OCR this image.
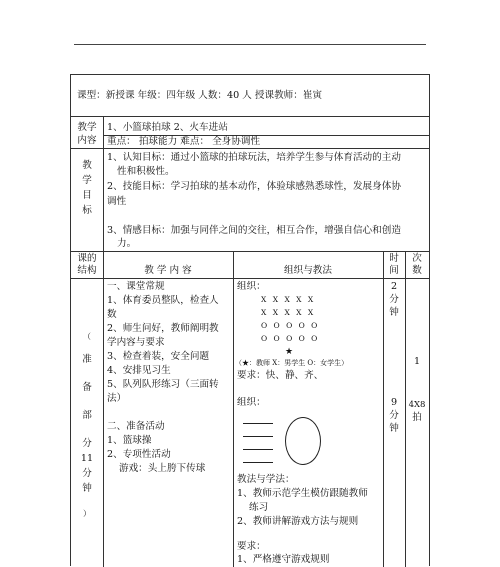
课型：新授课 年级：四年级 人数：40 人 授课教师：崔寅
教学
内容
1、小篮球拍球 2、火车进站
重点： 拍球能力 难点： 全身协调性
教
学
目
标
1、认知目标：通过小篮球的拍球玩法，培养学生参与体育活动的主动
性和积极性。
2、技能目标：学习拍球的基本动作，体验球感熟悉球性，发展身体协
调性
3、情感目标：加强与同伴之间的交往，相互合作，增强自信心和创造
力。
课的
结构	教 学 内 容	组织与教法
时
间
次
数
（
准
备
部
分
11
分
钟
）
一、课堂常规
1、体育委员整队，检查人
数
2、师生问好，教师阐明教
学内容与要求
3、检查着装，安全问题
4、安排见习生
5、队列队形练习（三面转
法）
二、准备活动
1、篮球操
2、专项性活动
游戏：头上胯下传球
组织：
X X X X X
X X X X X
O O O O O
O O O O O
★
（★：教师 X：男学生 O：女学生）
要求：快、静、齐、
组织：
教法与学法：
1、教师示范学生模仿跟随教师
练习
2、教师讲解游戏方法与规则
要求：
1、严格遵守游戏规则
2
分
钟
9
分
钟
1
4X8
拍
